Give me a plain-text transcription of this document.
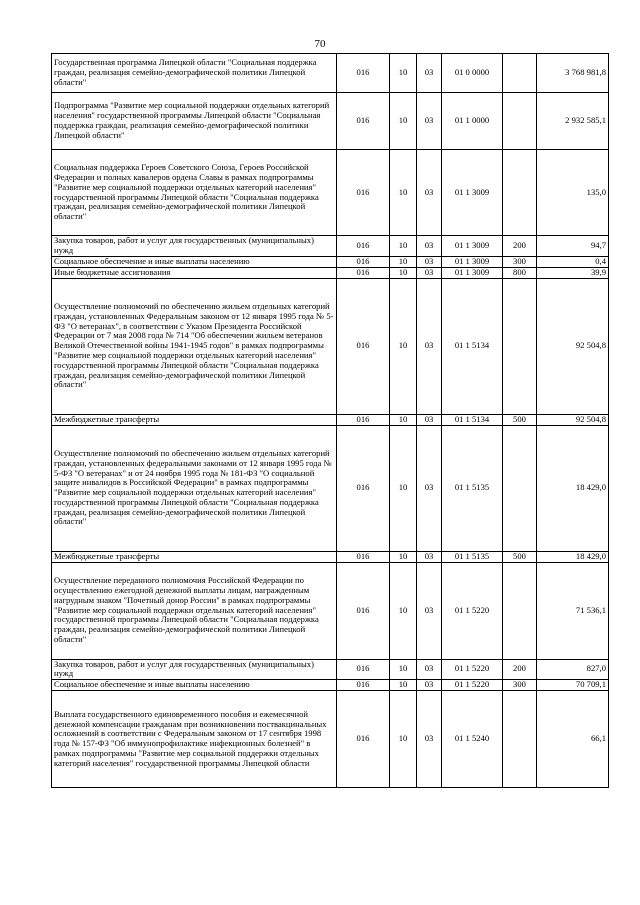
70
Государственная программа Липецкой области "Социальная поддержка граждан, реализация семейно-демографической политики Липецкой области"	016	10	03	01 0 0000		3 768 981,8
Подпрограмма "Развитие мер социальной поддержки отдельных категорий населения" государственной программы Липецкой области "Социальная поддержка граждан, реализация семейно-демографической политики Липецкой области"	016	10	03	01 1 0000		2 932 585,1
Социальная поддержка Героев Советского Союза, Героев Российской Федерации и полных кавалеров ордена Славы в рамках подпрограммы "Развитие мер социальной поддержки отдельных категорий населения" государственной программы Липецкой области "Социальная поддержка граждан, реализация семейно-демографической политики Липецкой области"	016	10	03	01 1 3009		135,0
Закупка товаров, работ и услуг для государственных (муниципальных) нужд	016	10	03	01 1 3009	200	94,7
Социальное обеспечение и иные выплаты населению	016	10	03	01 1 3009	300	0,4
Иные бюджетные ассигнования	016	10	03	01 1 3009	800	39,9
Осуществление полномочий по обеспечению жильем отдельных категорий граждан, установленных Федеральным законом от 12 января 1995 года № 5-ФЗ "О ветеранах", в соответствии с Указом Президента Российской Федерации от 7 мая 2008 года № 714 "Об обеспечении жильем ветеранов Великой Отечественной войны 1941-1945 годов" в рамках подпрограммы "Развитие мер социальной поддержки отдельных категорий населения" государственной программы Липецкой области "Социальная поддержка граждан, реализация семейно-демографической политики Липецкой области"	016	10	03	01 1 5134		92 504,8
Межбюджетные трансферты	016	10	03	01 1 5134	500	92 504,8
Осуществление полномочий по обеспечению жильем отдельных категорий граждан, установленных федеральными законами от 12 января 1995 года № 5-ФЗ "О ветеранах" и от 24 ноября 1995 года № 181-ФЗ "О социальной защите инвалидов в Российской Федерации" в рамках подпрограммы "Развитие мер социальной поддержки отдельных категорий населения" государственной программы Липецкой области "Социальная поддержка граждан, реализация семейно-демографической политики Липецкой области"	016	10	03	01 1 5135		18 429,0
Межбюджетные трансферты	016	10	03	01 1 5135	500	18 429,0
Осуществление переданного полномочия Российской Федерации по осуществлению ежегодной денежной выплаты лицам, награжденным нагрудным знаком "Почетный донор России" в рамках подпрограммы "Развитие мер социальной поддержки отдельных категорий населения" государственной программы Липецкой области "Социальная поддержка граждан, реализация семейно-демографической политики Липецкой области"	016	10	03	01 1 5220		71 536,1
Закупка товаров, работ и услуг для государственных (муниципальных) нужд	016	10	03	01 1 5220	200	827,0
Социальное обеспечение и иные выплаты населению	016	10	03	01 1 5220	300	70 709,1
Выплата государственного единовременного пособия и ежемесячной денежной компенсации гражданам при возникновении поствакцинальных осложнений в соответствии с Федеральным законом от 17 сентября 1998 года № 157-ФЗ "Об иммунопрофилактике инфекционных болезней" в рамках подпрограммы "Развитие мер социальной поддержки отдельных категорий населения" государственной программы Липецкой области	016	10	03	01 1 5240		66,1
